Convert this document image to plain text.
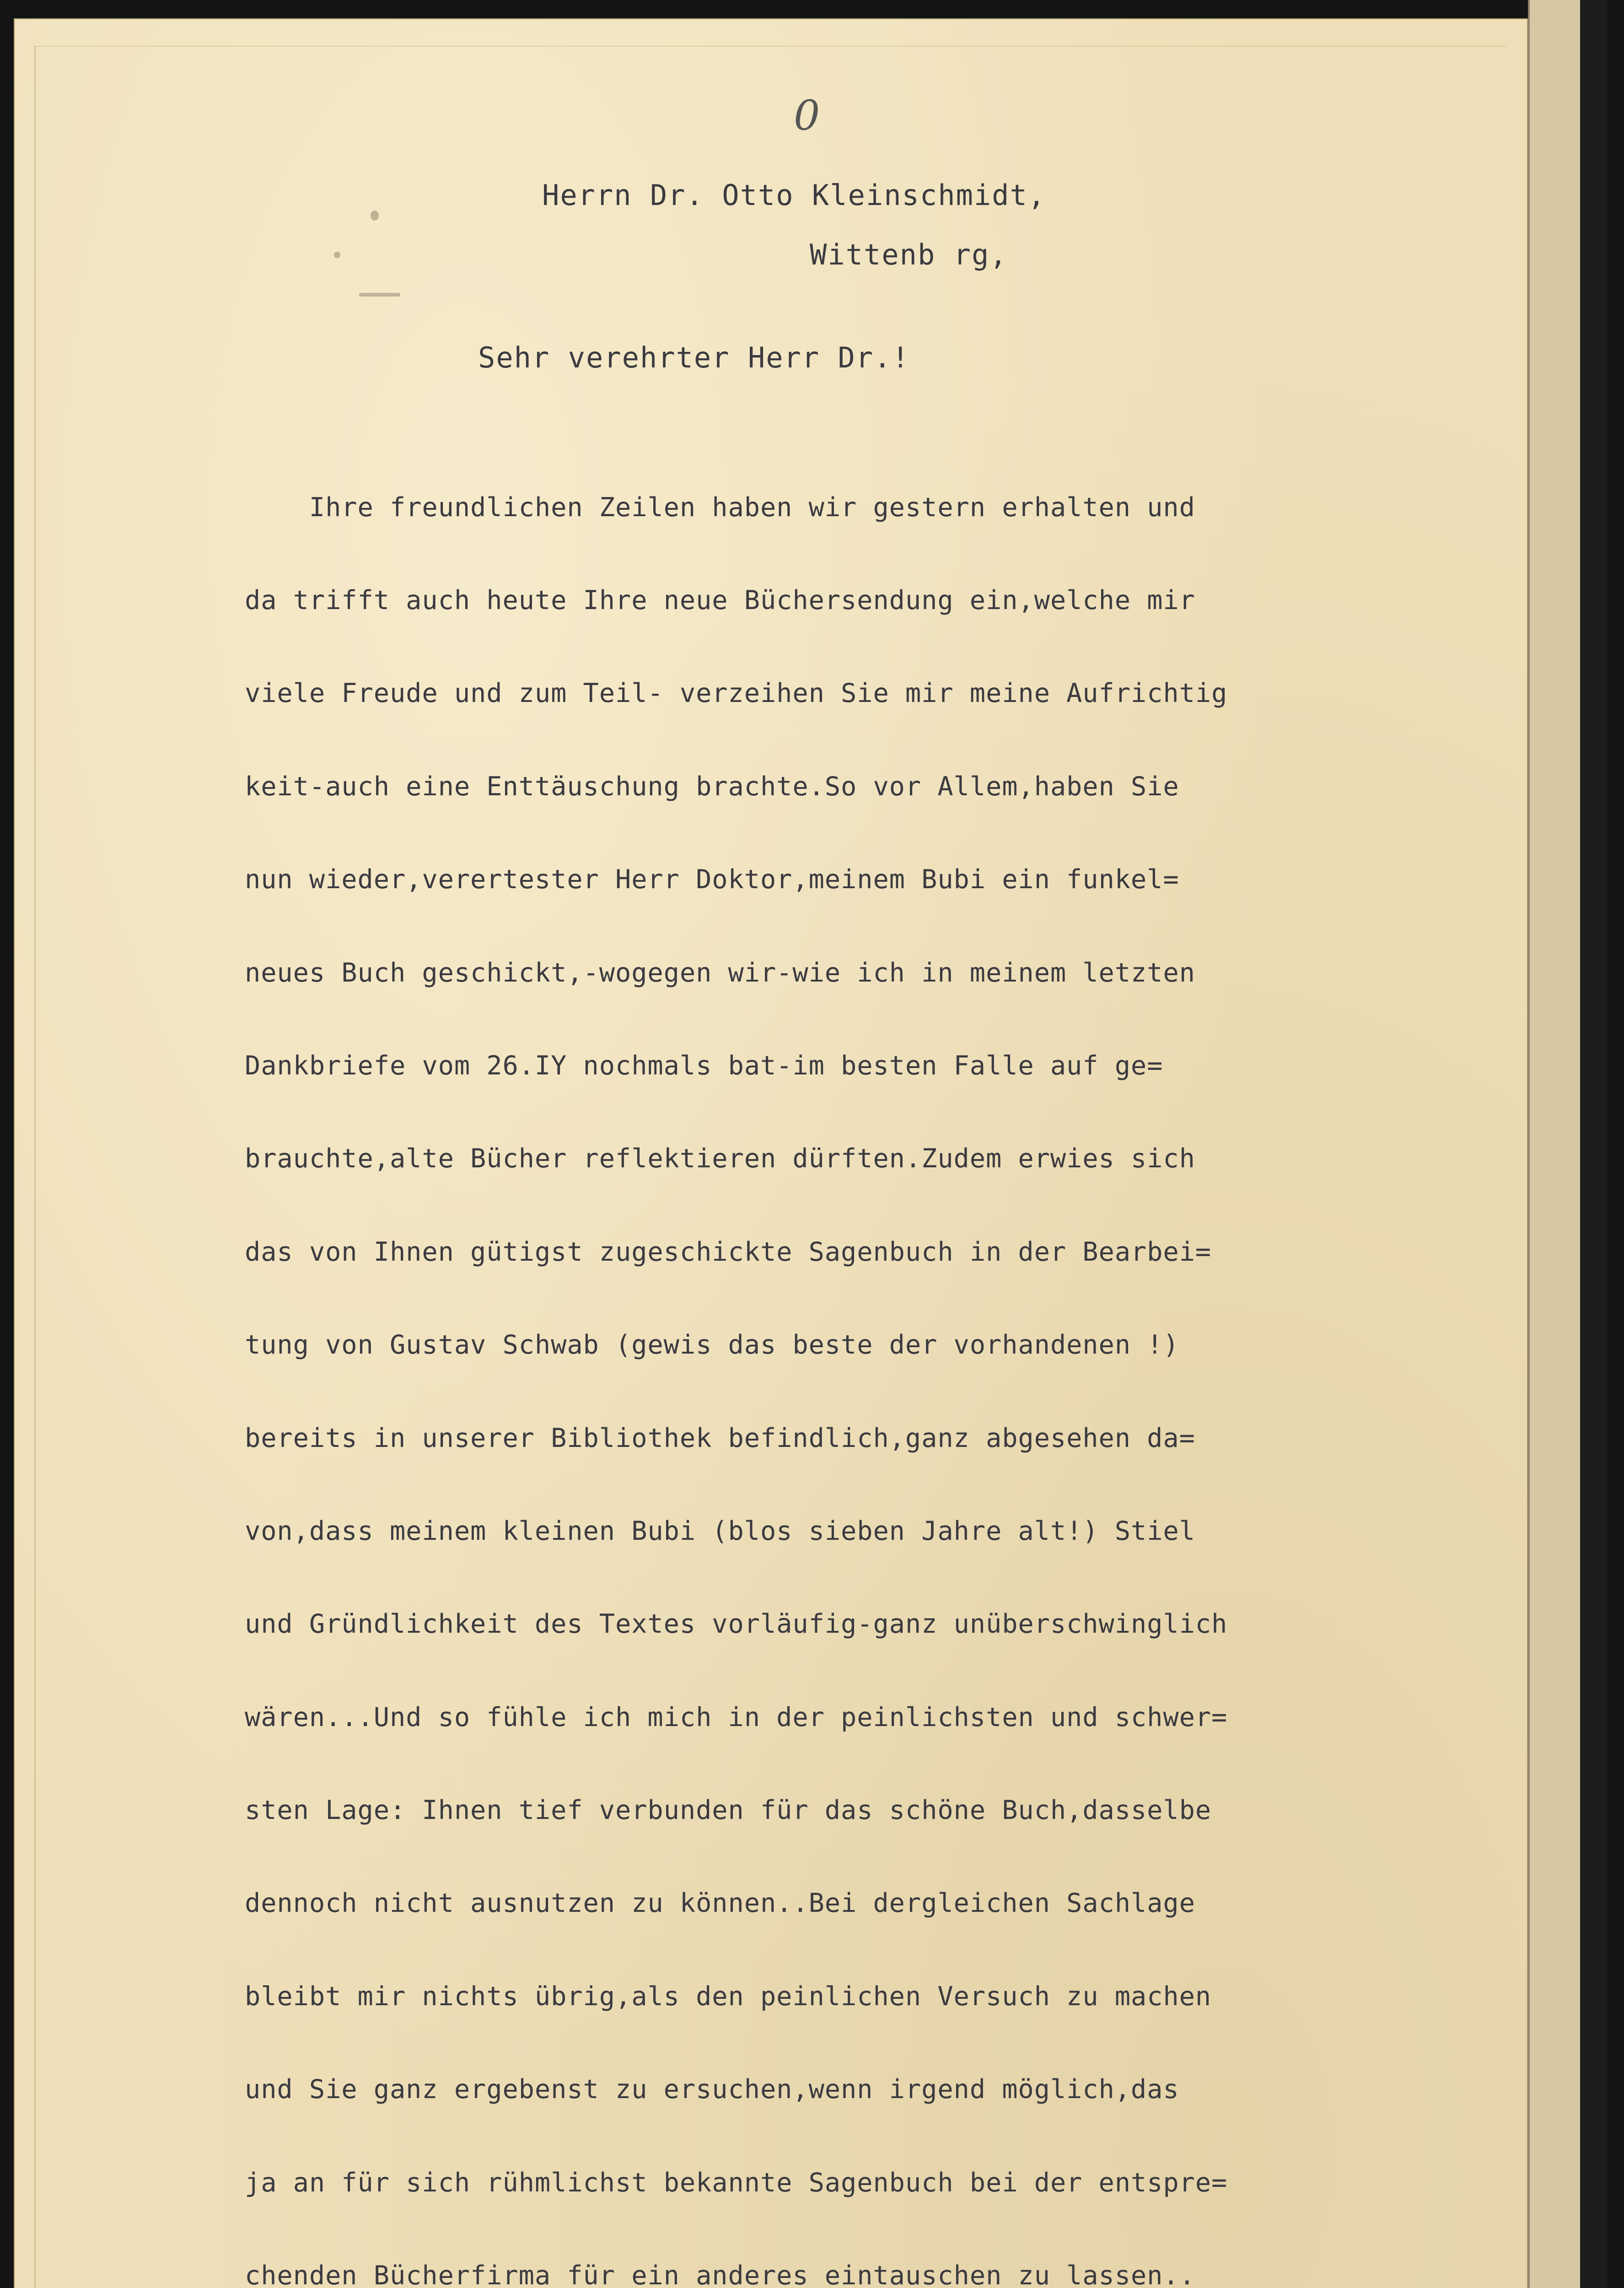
0
Herrn Dr. Otto Kleinschmidt,
Wittenb rg,
Sehr verehrter Herr Dr.!

Ihre freundlichen Zeilen haben wir gestern erhalten und

da trifft auch heute Ihre neue Büchersendung ein,welche mir

viele Freude und zum Teil- verzeihen Sie mir meine Aufrichtig

keit-auch eine Enttäuschung brachte.So vor Allem,haben Sie

nun wieder,verertester Herr Doktor,meinem Bubi ein funkel=

neues Buch geschickt,-wogegen wir-wie ich in meinem letzten

Dankbriefe vom 26.IY nochmals bat-im besten Falle auf ge=

brauchte,alte Bücher reflektieren dürften.Zudem erwies sich

das von Ihnen gütigst zugeschickte Sagenbuch in der Bearbei=

tung von Gustav Schwab (gewis das beste der vorhandenen !)

bereits in unserer Bibliothek befindlich,ganz abgesehen da=

von,dass meinem kleinen Bubi (blos sieben Jahre alt!) Stiel

und Gründlichkeit des Textes vorläufig-ganz unüberschwinglich

wären...Und so fühle ich mich in der peinlichsten und schwer=

sten Lage: Ihnen tief verbunden für das schöne Buch,dasselbe

dennoch nicht ausnutzen zu können..Bei dergleichen Sachlage

bleibt mir nichts übrig,als den peinlichen Versuch zu machen

und Sie ganz ergebenst zu ersuchen,wenn irgend möglich,das

ja an für sich rühmlichst bekannte Sagenbuch bei der entspre=

chenden Bücherfirma für ein anderes eintauschen zu lassen..
